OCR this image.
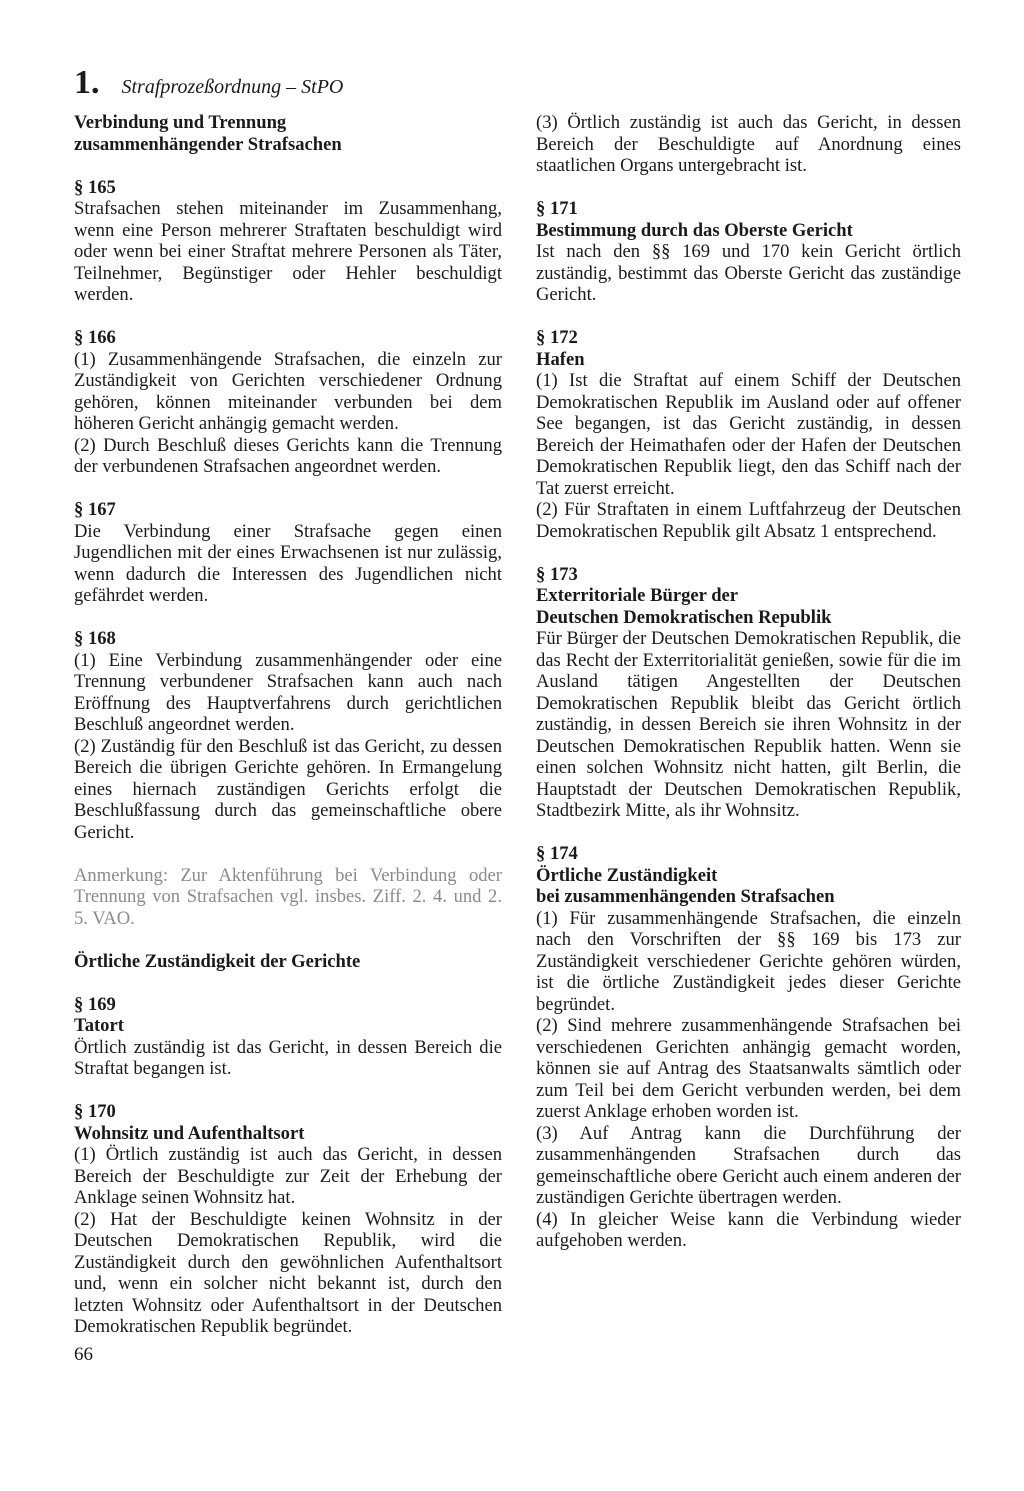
1. Strafprozeßordnung – StPO

Verbindung und Trennung

zusammenhängender Strafsachen

§ 165

Strafsachen stehen miteinander im Zusammenhang, wenn eine Person mehrerer Straftaten beschuldigt wird oder wenn bei einer Straftat mehrere Personen als Täter, Teilnehmer, Begünstiger oder Hehler beschuldigt werden.

§ 166

(1) Zusammenhängende Strafsachen, die einzeln zur Zuständigkeit von Gerichten verschiedener Ordnung gehören, können miteinander verbunden bei dem höheren Gericht anhängig gemacht werden.

(2) Durch Beschluß dieses Gerichts kann die Trennung der verbundenen Strafsachen angeordnet werden.

§ 167

Die Verbindung einer Strafsache gegen einen Jugendlichen mit der eines Erwachsenen ist nur zulässig, wenn dadurch die Interessen des Jugendlichen nicht gefährdet werden.

§ 168

(1) Eine Verbindung zusammenhängender oder eine Trennung verbundener Strafsachen kann auch nach Eröffnung des Hauptverfahrens durch gerichtlichen Beschluß angeordnet werden.

(2) Zuständig für den Beschluß ist das Gericht, zu dessen Bereich die übrigen Gerichte gehören. In Ermangelung eines hiernach zuständigen Gerichts erfolgt die Beschlußfassung durch das gemeinschaftliche obere Gericht.

Anmerkung: Zur Aktenführung bei Verbindung oder Trennung von Strafsachen vgl. insbes. Ziff. 2. 4. und 2. 5. VAO.

Örtliche Zuständigkeit der Gerichte

§ 169

Tatort

Örtlich zuständig ist das Gericht, in dessen Bereich die Straftat begangen ist.

§ 170

Wohnsitz und Aufenthaltsort

(1) Örtlich zuständig ist auch das Gericht, in dessen Bereich der Beschuldigte zur Zeit der Erhebung der Anklage seinen Wohnsitz hat.

(2) Hat der Beschuldigte keinen Wohnsitz in der Deutschen Demokratischen Republik, wird die Zuständigkeit durch den gewöhnlichen Aufenthaltsort und, wenn ein solcher nicht bekannt ist, durch den letzten Wohnsitz oder Aufenthaltsort in der Deutschen Demokratischen Republik begründet.

(3) Örtlich zuständig ist auch das Gericht, in dessen Bereich der Beschuldigte auf Anordnung eines staatlichen Organs untergebracht ist.

§ 171

Bestimmung durch das Oberste Gericht

Ist nach den §§ 169 und 170 kein Gericht örtlich zuständig, bestimmt das Oberste Gericht das zuständige Gericht.

§ 172

Hafen

(1) Ist die Straftat auf einem Schiff der Deutschen Demokratischen Republik im Ausland oder auf offener See begangen, ist das Gericht zuständig, in dessen Bereich der Heimathafen oder der Hafen der Deutschen Demokratischen Republik liegt, den das Schiff nach der Tat zuerst erreicht.

(2) Für Straftaten in einem Luftfahrzeug der Deutschen Demokratischen Republik gilt Absatz 1 entsprechend.

§ 173

Exterritoriale Bürger der

Deutschen Demokratischen Republik

Für Bürger der Deutschen Demokratischen Republik, die das Recht der Exterritorialität genießen, sowie für die im Ausland tätigen Angestellten der Deutschen Demokratischen Republik bleibt das Gericht örtlich zuständig, in dessen Bereich sie ihren Wohnsitz in der Deutschen Demokratischen Republik hatten. Wenn sie einen solchen Wohnsitz nicht hatten, gilt Berlin, die Hauptstadt der Deutschen Demokratischen Republik, Stadtbezirk Mitte, als ihr Wohnsitz.

§ 174

Örtliche Zuständigkeit

bei zusammenhängenden Strafsachen

(1) Für zusammenhängende Strafsachen, die einzeln nach den Vorschriften der §§ 169 bis 173 zur Zuständigkeit verschiedener Gerichte gehören würden, ist die örtliche Zuständigkeit jedes dieser Gerichte begründet.

(2) Sind mehrere zusammenhängende Strafsachen bei verschiedenen Gerichten anhängig gemacht worden, können sie auf Antrag des Staatsanwalts sämtlich oder zum Teil bei dem Gericht verbunden werden, bei dem zuerst Anklage erhoben worden ist.

(3) Auf Antrag kann die Durchführung der zusammenhängenden Strafsachen durch das gemeinschaftliche obere Gericht auch einem anderen der zuständigen Gerichte übertragen werden.

(4) In gleicher Weise kann die Verbindung wieder aufgehoben werden.

66
